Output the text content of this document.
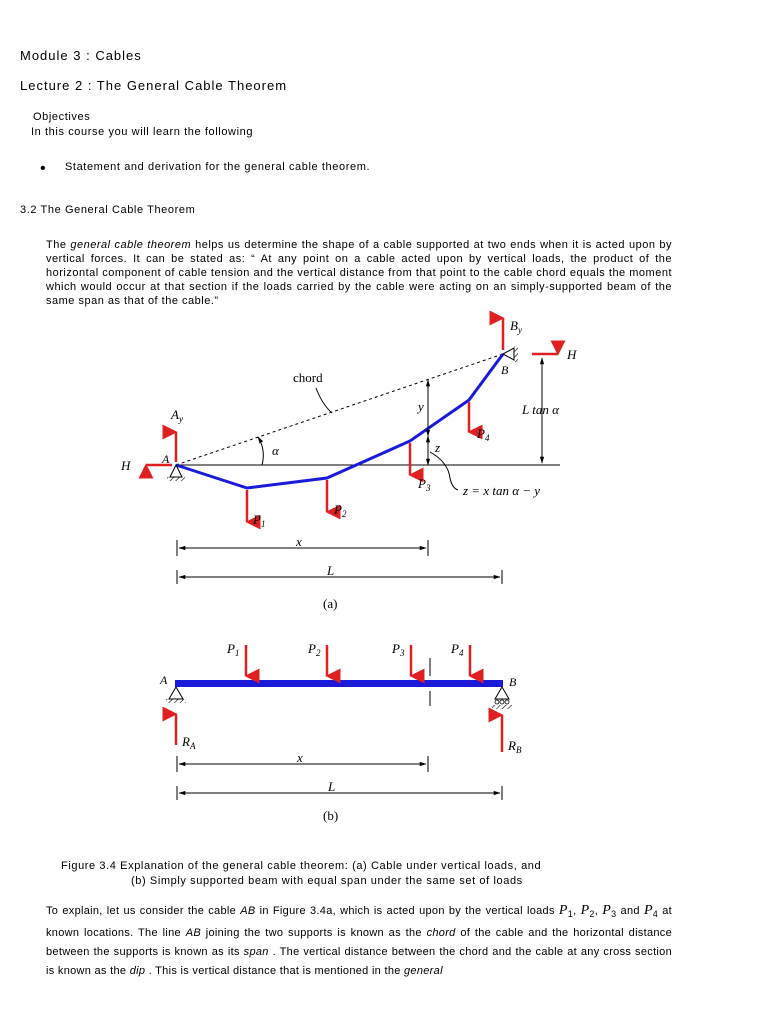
Module 3 : Cables
Lecture 2 : The General Cable Theorem
Objectives
In this course you will learn the following
• Statement and derivation for the general cable theorem.
3.2 The General Cable Theorem
The general cable theorem helps us determine the shape of a cable supported at two ends when it is acted upon by vertical forces. It can be stated as: “ At any point on a cable acted upon by vertical loads, the product of the horizontal component of cable tension and the vertical distance from that point to the cable chord equals the moment which would occur at that section if the loads carried by the cable were acting on an simply-supported beam of the same span as that of the cable.”
$B_y$
H
B
chord
y	L tan α
$A_y$
α
H	A
z
$P_4$
$P_3$	z = x tan α − y
$P_1$
$P_2$
x
L
(a)
$P_1$	$P_2$	$P_3$	$P_4$
A	B
$R_A$	$R_B$
x
L
(b)
Figure 3.4 Explanation of the general cable theorem: (a) Cable under vertical loads, and
(b) Simply supported beam with equal span under the same set of loads
To explain, let us consider the cable AB in Figure 3.4a, which is acted upon by the vertical loads $P_1$, $P_2$, $P_3$ and $P_4$ at known locations. The line AB joining the two supports is known as the chord of the cable and the horizontal distance between the supports is known as its span . The vertical distance between the chord and the cable at any cross section is known as the dip . This is vertical distance that is mentioned in the general
